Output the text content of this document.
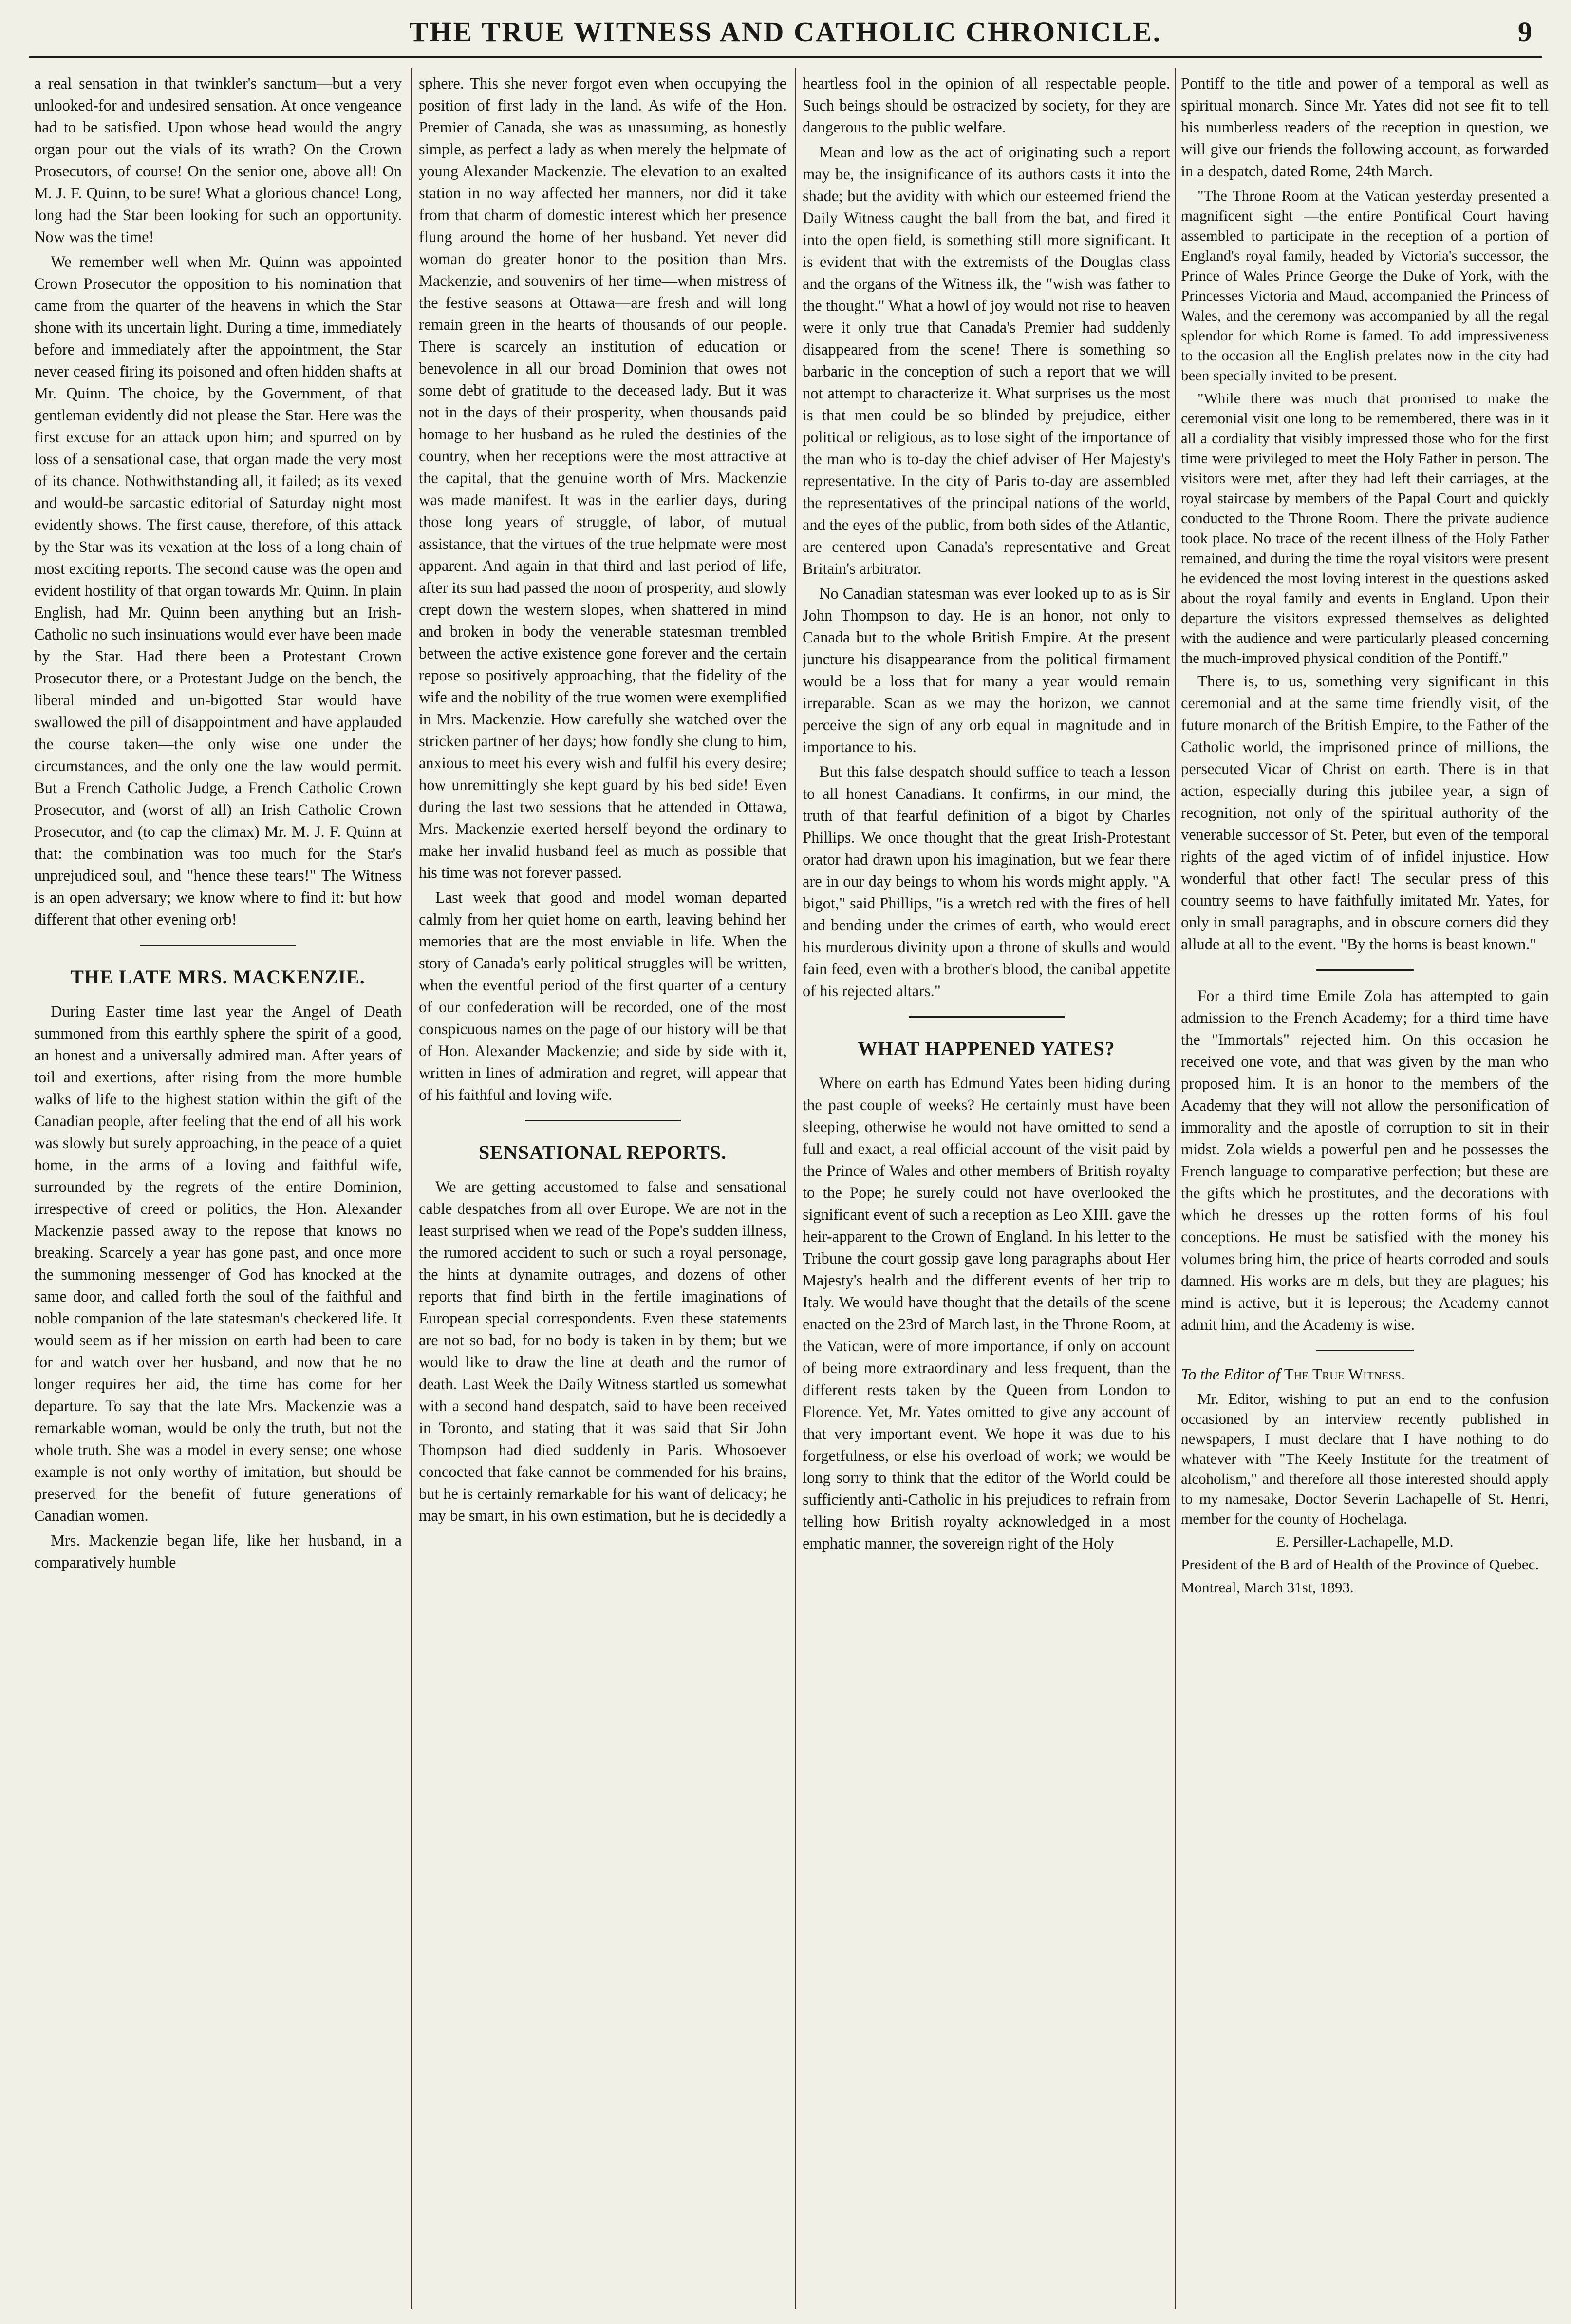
THE TRUE WITNESS AND CATHOLIC CHRONICLE.	9

a real sensation in that twinkler's sanctum—but a very unlooked-for and undesired sensation. At once vengeance had to be satisfied. Upon whose head would the angry organ pour out the vials of its wrath? On the Crown Prosecutors, of course! On the senior one, above all! On M. J. F. Quinn, to be sure! What a glorious chance! Long, long had the Star been looking for such an opportunity. Now was the time!

We remember well when Mr. Quinn was appointed Crown Prosecutor the opposition to his nomination that came from the quarter of the heavens in which the Star shone with its uncertain light. During a time, immediately before and immediately after the appointment, the Star never ceased firing its poisoned and often hidden shafts at Mr. Quinn. The choice, by the Government, of that gentleman evidently did not please the Star. Here was the first excuse for an attack upon him; and spurred on by loss of a sensational case, that organ made the very most of its chance. Nothwithstanding all, it failed; as its vexed and would-be sarcastic editorial of Saturday night most evidently shows. The first cause, therefore, of this attack by the Star was its vexation at the loss of a long chain of most exciting reports. The second cause was the open and evident hostility of that organ towards Mr. Quinn. In plain English, had Mr. Quinn been anything but an Irish-Catholic no such insinuations would ever have been made by the Star. Had there been a Protestant Crown Prosecutor there, or a Protestant Judge on the bench, the liberal minded and un-bigotted Star would have swallowed the pill of disappointment and have applauded the course taken—the only wise one under the circumstances, and the only one the law would permit. But a French Catholic Judge, a French Catholic Crown Prosecutor, and (worst of all) an Irish Catholic Crown Prosecutor, and (to cap the climax) Mr. M. J. F. Quinn at that: the combination was too much for the Star's unprejudiced soul, and "hence these tears!" The Witness is an open adversary; we know where to find it: but how different that other evening orb!

THE LATE MRS. MACKENZIE.

During Easter time last year the Angel of Death summoned from this earthly sphere the spirit of a good, an honest and a universally admired man. After years of toil and exertions, after rising from the more humble walks of life to the highest station within the gift of the Canadian people, after feeling that the end of all his work was slowly but surely approaching, in the peace of a quiet home, in the arms of a loving and faithful wife, surrounded by the regrets of the entire Dominion, irrespective of creed or politics, the Hon. Alexander Mackenzie passed away to the repose that knows no breaking. Scarcely a year has gone past, and once more the summoning messenger of God has knocked at the same door, and called forth the soul of the faithful and noble companion of the late statesman's checkered life. It would seem as if her mission on earth had been to care for and watch over her husband, and now that he no longer requires her aid, the time has come for her departure. To say that the late Mrs. Mackenzie was a remarkable woman, would be only the truth, but not the whole truth. She was a model in every sense; one whose example is not only worthy of imitation, but should be preserved for the benefit of future generations of Canadian women.

Mrs. Mackenzie began life, like her husband, in a comparatively humble

sphere. This she never forgot even when occupying the position of first lady in the land. As wife of the Hon. Premier of Canada, she was as unassuming, as honestly simple, as perfect a lady as when merely the helpmate of young Alexander Mackenzie. The elevation to an exalted station in no way affected her manners, nor did it take from that charm of domestic interest which her presence flung around the home of her husband. Yet never did woman do greater honor to the position than Mrs. Mackenzie, and souvenirs of her time—when mistress of the festive seasons at Ottawa—are fresh and will long remain green in the hearts of thousands of our people. There is scarcely an institution of education or benevolence in all our broad Dominion that owes not some debt of gratitude to the deceased lady. But it was not in the days of their prosperity, when thousands paid homage to her husband as he ruled the destinies of the country, when her receptions were the most attractive at the capital, that the genuine worth of Mrs. Mackenzie was made manifest. It was in the earlier days, during those long years of struggle, of labor, of mutual assistance, that the virtues of the true helpmate were most apparent. And again in that third and last period of life, after its sun had passed the noon of prosperity, and slowly crept down the western slopes, when shattered in mind and broken in body the venerable statesman trembled between the active existence gone forever and the certain repose so positively approaching, that the fidelity of the wife and the nobility of the true women were exemplified in Mrs. Mackenzie. How carefully she watched over the stricken partner of her days; how fondly she clung to him, anxious to meet his every wish and fulfil his every desire; how unremittingly she kept guard by his bed side! Even during the last two sessions that he attended in Ottawa, Mrs. Mackenzie exerted herself beyond the ordinary to make her invalid husband feel as much as possible that his time was not forever passed.

Last week that good and model woman departed calmly from her quiet home on earth, leaving behind her memories that are the most enviable in life. When the story of Canada's early political struggles will be written, when the eventful period of the first quarter of a century of our confederation will be recorded, one of the most conspicuous names on the page of our history will be that of Hon. Alexander Mackenzie; and side by side with it, written in lines of admiration and regret, will appear that of his faithful and loving wife.

SENSATIONAL REPORTS.

We are getting accustomed to false and sensational cable despatches from all over Europe. We are not in the least surprised when we read of the Pope's sudden illness, the rumored accident to such or such a royal personage, the hints at dynamite outrages, and dozens of other reports that find birth in the fertile imaginations of European special correspondents. Even these statements are not so bad, for no body is taken in by them; but we would like to draw the line at death and the rumor of death. Last Week the Daily Witness startled us somewhat with a second hand despatch, said to have been received in Toronto, and stating that it was said that Sir John Thompson had died suddenly in Paris. Whosoever concocted that fake cannot be commended for his brains, but he is certainly remarkable for his want of delicacy; he may be smart, in his own estimation, but he is decidedly a

heartless fool in the opinion of all respectable people. Such beings should be ostracized by society, for they are dangerous to the public welfare.

Mean and low as the act of originating such a report may be, the insignificance of its authors casts it into the shade; but the avidity with which our esteemed friend the Daily Witness caught the ball from the bat, and fired it into the open field, is something still more significant. It is evident that with the extremists of the Douglas class and the organs of the Witness ilk, the "wish was father to the thought." What a howl of joy would not rise to heaven were it only true that Canada's Premier had suddenly disappeared from the scene! There is something so barbaric in the conception of such a report that we will not attempt to characterize it. What surprises us the most is that men could be so blinded by prejudice, either political or religious, as to lose sight of the importance of the man who is to-day the chief adviser of Her Majesty's representative. In the city of Paris to-day are assembled the representatives of the principal nations of the world, and the eyes of the public, from both sides of the Atlantic, are centered upon Canada's representative and Great Britain's arbitrator.

No Canadian statesman was ever looked up to as is Sir John Thompson to day. He is an honor, not only to Canada but to the whole British Empire. At the present juncture his disappearance from the political firmament would be a loss that for many a year would remain irreparable. Scan as we may the horizon, we cannot perceive the sign of any orb equal in magnitude and in importance to his.

But this false despatch should suffice to teach a lesson to all honest Canadians. It confirms, in our mind, the truth of that fearful definition of a bigot by Charles Phillips. We once thought that the great Irish-Protestant orator had drawn upon his imagination, but we fear there are in our day beings to whom his words might apply. "A bigot," said Phillips, "is a wretch red with the fires of hell and bending under the crimes of earth, who would erect his murderous divinity upon a throne of skulls and would fain feed, even with a brother's blood, the canibal appetite of his rejected altars."

WHAT HAPPENED YATES?

Where on earth has Edmund Yates been hiding during the past couple of weeks? He certainly must have been sleeping, otherwise he would not have omitted to send a full and exact, a real official account of the visit paid by the Prince of Wales and other members of British royalty to the Pope; he surely could not have overlooked the significant event of such a reception as Leo XIII. gave the heir-apparent to the Crown of England. In his letter to the Tribune the court gossip gave long paragraphs about Her Majesty's health and the different events of her trip to Italy. We would have thought that the details of the scene enacted on the 23rd of March last, in the Throne Room, at the Vatican, were of more importance, if only on account of being more extraordinary and less frequent, than the different rests taken by the Queen from London to Florence. Yet, Mr. Yates omitted to give any account of that very important event. We hope it was due to his forgetfulness, or else his overload of work; we would be long sorry to think that the editor of the World could be sufficiently anti-Catholic in his prejudices to refrain from telling how British royalty acknowledged in a most emphatic manner, the sovereign right of the Holy

Pontiff to the title and power of a temporal as well as spiritual monarch. Since Mr. Yates did not see fit to tell his numberless readers of the reception in question, we will give our friends the following account, as forwarded in a despatch, dated Rome, 24th March.

"The Throne Room at the Vatican yesterday presented a magnificent sight —the entire Pontifical Court having assembled to participate in the reception of a portion of England's royal family, headed by Victoria's successor, the Prince of Wales Prince George the Duke of York, with the Princesses Victoria and Maud, accompanied the Princess of Wales, and the ceremony was accompanied by all the regal splendor for which Rome is famed. To add impressiveness to the occasion all the English prelates now in the city had been specially invited to be present.

"While there was much that promised to make the ceremonial visit one long to be remembered, there was in it all a cordiality that visibly impressed those who for the first time were privileged to meet the Holy Father in person. The visitors were met, after they had left their carriages, at the royal staircase by members of the Papal Court and quickly conducted to the Throne Room. There the private audience took place. No trace of the recent illness of the Holy Father remained, and during the time the royal visitors were present he evidenced the most loving interest in the questions asked about the royal family and events in England. Upon their departure the visitors expressed themselves as delighted with the audience and were particularly pleased concerning the much-improved physical condition of the Pontiff."

There is, to us, something very significant in this ceremonial and at the same time friendly visit, of the future monarch of the British Empire, to the Father of the Catholic world, the imprisoned prince of millions, the persecuted Vicar of Christ on earth. There is in that action, especially during this jubilee year, a sign of recognition, not only of the spiritual authority of the venerable successor of St. Peter, but even of the temporal rights of the aged victim of of infidel injustice. How wonderful that other fact! The secular press of this country seems to have faithfully imitated Mr. Yates, for only in small paragraphs, and in obscure corners did they allude at all to the event. "By the horns is beast known."

For a third time Emile Zola has attempted to gain admission to the French Academy; for a third time have the "Immortals" rejected him. On this occasion he received one vote, and that was given by the man who proposed him. It is an honor to the members of the Academy that they will not allow the personification of immorality and the apostle of corruption to sit in their midst. Zola wields a powerful pen and he possesses the French language to comparative perfection; but these are the gifts which he prostitutes, and the decorations with which he dresses up the rotten forms of his foul conceptions. He must be satisfied with the money his volumes bring him, the price of hearts corroded and souls damned. His works are m dels, but they are plagues; his mind is active, but it is leperous; the Academy cannot admit him, and the Academy is wise.

To the Editor of The True Witness.

Mr. Editor, wishing to put an end to the confusion occasioned by an interview recently published in newspapers, I must declare that I have nothing to do whatever with "The Keely Institute for the treatment of alcoholism," and therefore all those interested should apply to my namesake, Doctor Severin Lachapelle of St. Henri, member for the county of Hochelaga.

E. Persiller-Lachapelle, M.D.

President of the B ard of Health of the Province of Quebec.

Montreal, March 31st, 1893.
